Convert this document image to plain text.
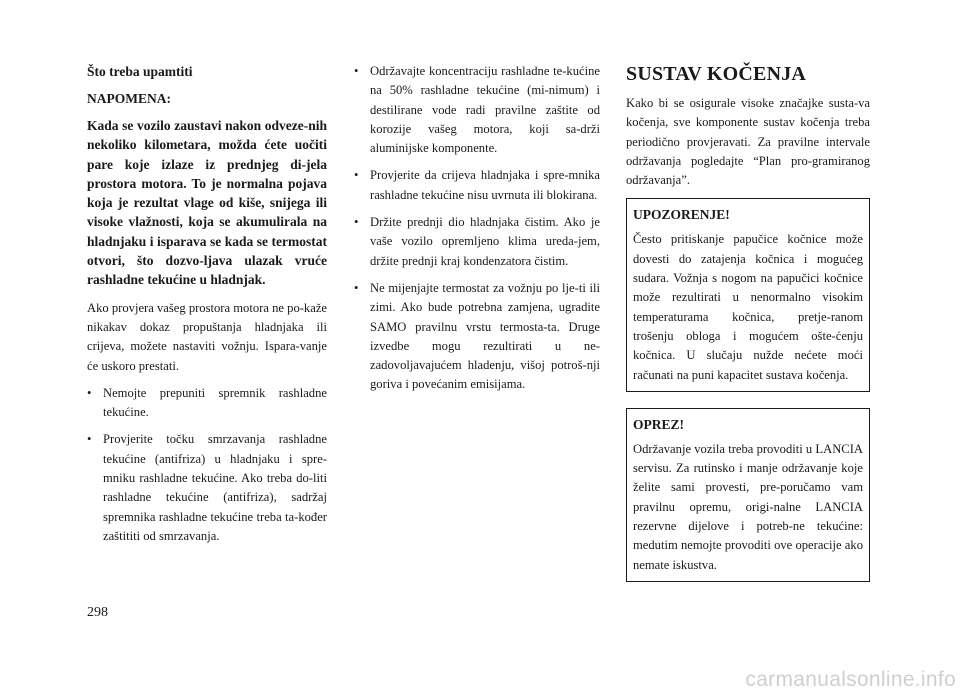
Što treba upamtiti

NAPOMENA:

Kada se vozilo zaustavi nakon odveze-nih nekoliko kilometara, možda ćete uočiti pare koje izlaze iz prednjeg di-jela prostora motora. To je normalna pojava koja je rezultat vlage od kiše, snijega ili visoke vlažnosti, koja se akumulirala na hladnjaku i isparava se kada se termostat otvori, što dozvo-ljava ulazak vruće rashladne tekućine u hladnjak.

Ako provjera vašeg prostora motora ne po-kaže nikakav dokaz propuštanja hladnjaka ili crijeva, možete nastaviti vožnju. Ispara-vanje će uskoro prestati.

• Nemojte prepuniti spremnik rashladne tekućine.
• Provjerite točku smrzavanja rashladne tekućine (antifriza) u hladnjaku i spre-mniku rashladne tekućine. Ako treba do-liti rashladne tekućine (antifriza), sadržaj spremnika rashladne tekućine treba ta-kođer zaštititi od smrzavanja.
• Održavajte koncentraciju rashladne te-kućine na 50% rashladne tekućine (mi-nimum) i destilirane vode radi pravilne zaštite od korozije vašeg motora, koji sa-drži aluminijske komponente.
• Provjerite da crijeva hladnjaka i spre-mnika rashladne tekućine nisu uvrnuta ili blokirana.
• Držite prednji dio hladnjaka čistim. Ako je vaše vozilo opremljeno klima ureda-jem, držite prednji kraj kondenzatora čistim.
• Ne mijenjajte termostat za vožnju po lje-ti ili zimi. Ako bude potrebna zamjena, ugradite SAMO pravilnu vrstu termosta-ta. Druge izvedbe mogu rezultirati u ne-zadovoljavajućem hladenju, višoj potroš-nji goriva i povećanim emisijama.
SUSTAV KOČENJA

Kako bi se osigurale visoke značajke susta-va kočenja, sve komponente sustav kočenja treba periodično provjeravati. Za pravilne intervale održavanja pogledajte “Plan pro-gramiranog održavanja”.

UPOZORENJE!

Često pritiskanje papučice kočnice može dovesti do zatajenja kočnica i mogućeg sudara. Vožnja s nogom na papučici kočnice može rezultirati u nenormalno visokim temperaturama kočnica, pretje-ranom trošenju obloga i mogućem ošte-ćenju kočnica. U slučaju nužde nećete moći računati na puni kapacitet sustava kočenja.

OPREZ!

Održavanje vozila treba provoditi u LANCIA servisu. Za rutinsko i manje održavanje koje želite sami provesti, pre-poručamo vam pravilnu opremu, origi-nalne LANCIA rezervne dijelove i potreb-ne tekućine: medutim nemojte provoditi ove operacije ako nemate iskustva.

298
carmanualsonline.info
